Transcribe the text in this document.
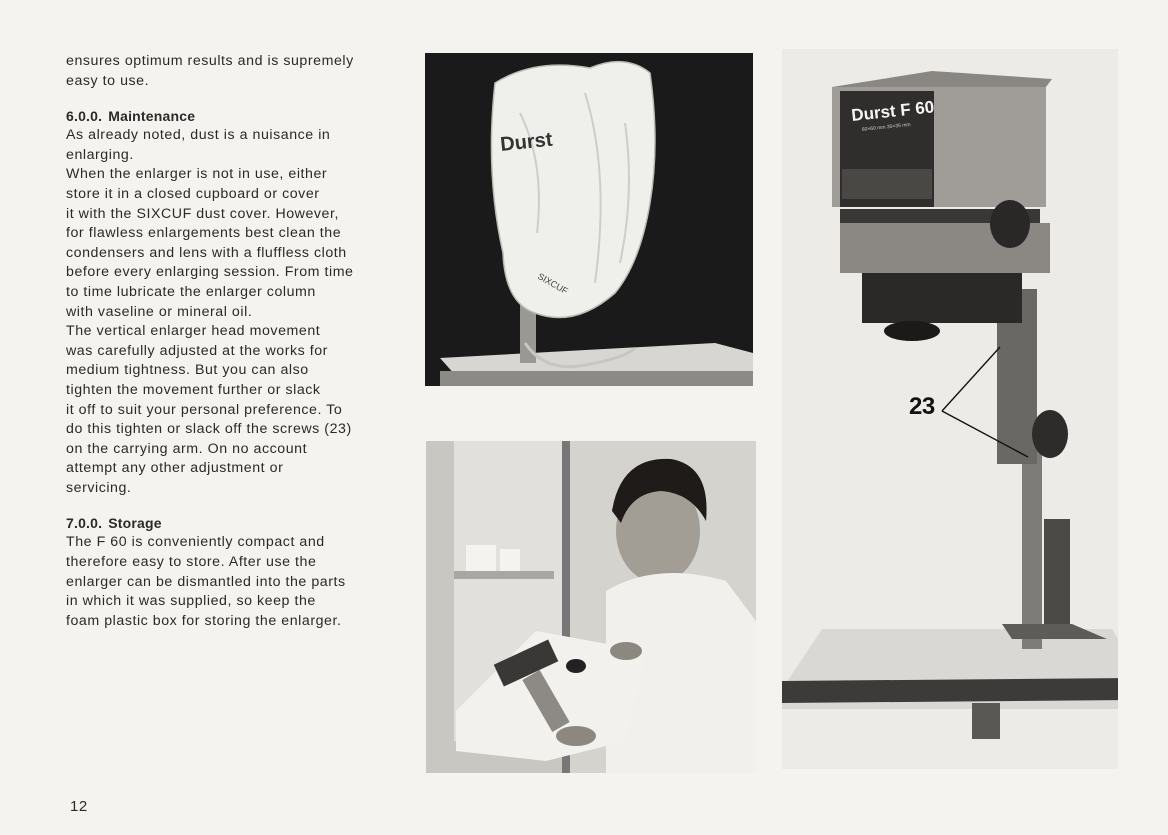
ensures optimum results and is supremely
easy to use.

6.0.0. Maintenance

As already noted, dust is a nuisance in
enlarging.
When the enlarger is not in use, either
store it in a closed cupboard or cover
it with the SIXCUF dust cover. However,
for flawless enlargements best clean the
condensers and lens with a fluffless cloth
before every enlarging session. From time
to time lubricate the enlarger column
with vaseline or mineral oil.
The vertical enlarger head movement
was carefully adjusted at the works for
medium tightness. But you can also
tighten the movement further or slack
it off to suit your personal preference. To
do this tighten or slack off the screws (23)
on the carrying arm. On no account
attempt any other adjustment or
servicing.

7.0.0. Storage

The F 60 is conveniently compact and
therefore easy to store. After use the
enlarger can be dismantled into the parts
in which it was supplied, so keep the
foam plastic box for storing the enlarger.

12
Durst
SIXCUF
Durst F 60
60×60 mm 35×35 mm
23
